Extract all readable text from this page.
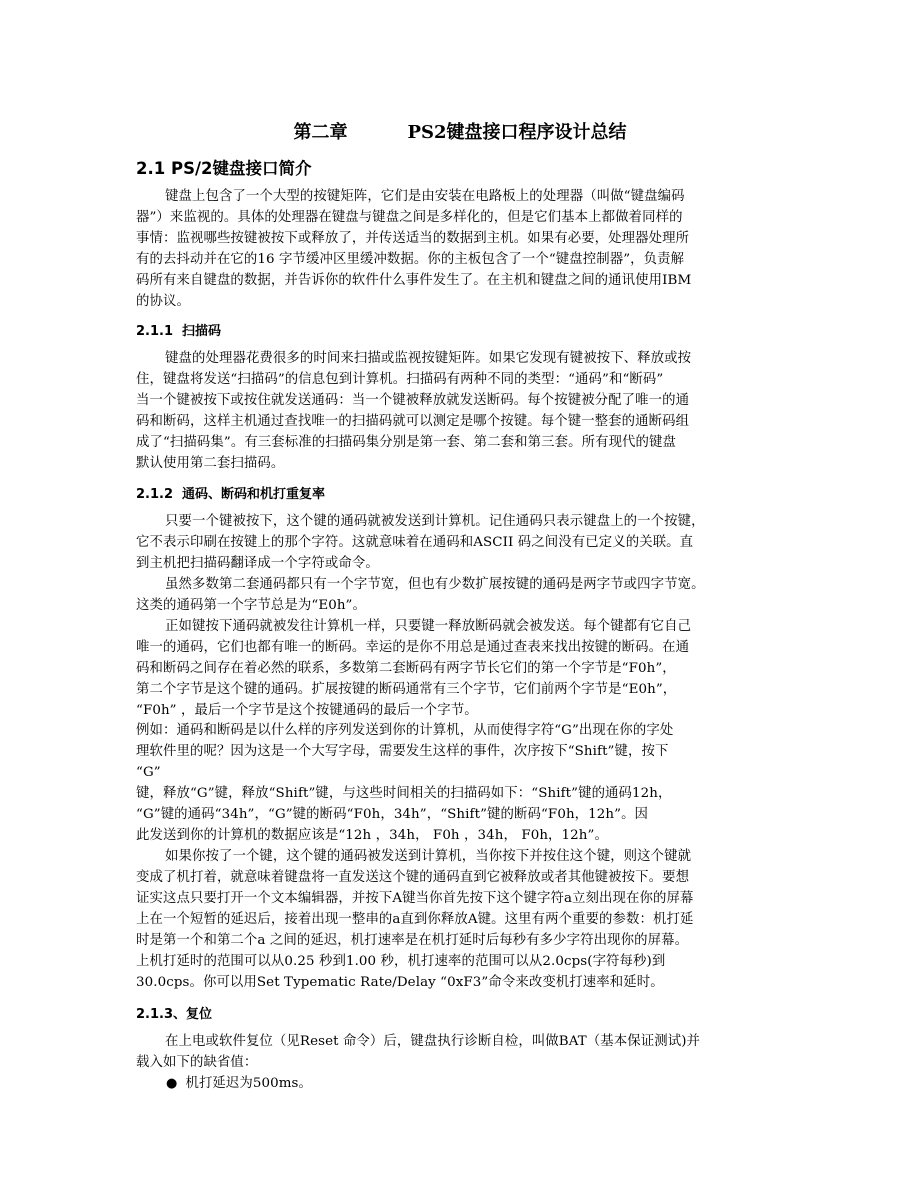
第二章	PS2键盘接口程序设计总结
2.1 PS/2键盘接口简介
键盘上包含了一个大型的按键矩阵，它们是由安装在电路板上的处理器（叫做“键盘编码
器”）来监视的。具体的处理器在键盘与键盘之间是多样化的，但是它们基本上都做着同样的
事情：监视哪些按键被按下或释放了，并传送适当的数据到主机。如果有必要，处理器处理所
有的去抖动并在它的16 字节缓冲区里缓冲数据。你的主板包含了一个“键盘控制器”，负责解
码所有来自键盘的数据，并告诉你的软件什么事件发生了。在主机和键盘之间的通讯使用IBM
的协议。
2.1.1 扫描码
键盘的处理器花费很多的时间来扫描或监视按键矩阵。如果它发现有键被按下、释放或按
住，键盘将发送“扫描码”的信息包到计算机。扫描码有两种不同的类型：“通码”和“断码”
当一个键被按下或按住就发送通码：当一个键被释放就发送断码。每个按键被分配了唯一的通
码和断码，这样主机通过查找唯一的扫描码就可以测定是哪个按键。每个键一整套的通断码组
成了“扫描码集”。有三套标准的扫描码集分别是第一套、第二套和第三套。所有现代的键盘
默认使用第二套扫描码。
2.1.2 通码、断码和机打重复率
只要一个键被按下，这个键的通码就被发送到计算机。记住通码只表示键盘上的一个按键，
它不表示印刷在按键上的那个字符。这就意味着在通码和ASCII 码之间没有已定义的关联。直
到主机把扫描码翻译成一个字符或命令。
虽然多数第二套通码都只有一个字节宽，但也有少数扩展按键的通码是两字节或四字节宽。
这类的通码第一个字节总是为“E0h”。
正如键按下通码就被发往计算机一样，只要键一释放断码就会被发送。每个键都有它自己
唯一的通码，它们也都有唯一的断码。幸运的是你不用总是通过查表来找出按键的断码。在通
码和断码之间存在着必然的联系，多数第二套断码有两字节长它们的第一个字节是“F0h”，
第二个字节是这个键的通码。扩展按键的断码通常有三个字节，它们前两个字节是“E0h”，
“F0h” ，最后一个字节是这个按键通码的最后一个字节。
例如：通码和断码是以什么样的序列发送到你的计算机，从而使得字符“G”出现在你的字处
理软件里的呢？因为这是一个大写字母，需要发生这样的事件，次序按下“Shift”键，按下
“G”
键，释放“G”键，释放“Shift”键，与这些时间相关的扫描码如下：“Shift”键的通码12h，
“G”键的通码“34h”，“G”键的断码“F0h，34h”，“Shift”键的断码“F0h，12h”。因
此发送到你的计算机的数据应该是“12h ，34h， F0h ，34h， F0h，12h”。
如果你按了一个键，这个键的通码被发送到计算机，当你按下并按住这个键，则这个键就
变成了机打着，就意味着键盘将一直发送这个键的通码直到它被释放或者其他键被按下。要想
证实这点只要打开一个文本编辑器，并按下A键当你首先按下这个键字符a立刻出现在你的屏幕
上在一个短暂的延迟后，接着出现一整串的a直到你释放A键。这里有两个重要的参数：机打延
时是第一个和第二个a 之间的延迟，机打速率是在机打延时后每秒有多少字符出现你的屏幕。
上机打延时的范围可以从0.25 秒到1.00 秒，机打速率的范围可以从2.0cps(字符每秒)到
30.0cps。你可以用Set Typematic Rate/Delay “0xF3”命令来改变机打速率和延时。
2.1.3、复位
在上电或软件复位（见Reset 命令）后，键盘执行诊断自检，叫做BAT（基本保证测试)并
载入如下的缺省值：
● 机打延迟为500ms。
